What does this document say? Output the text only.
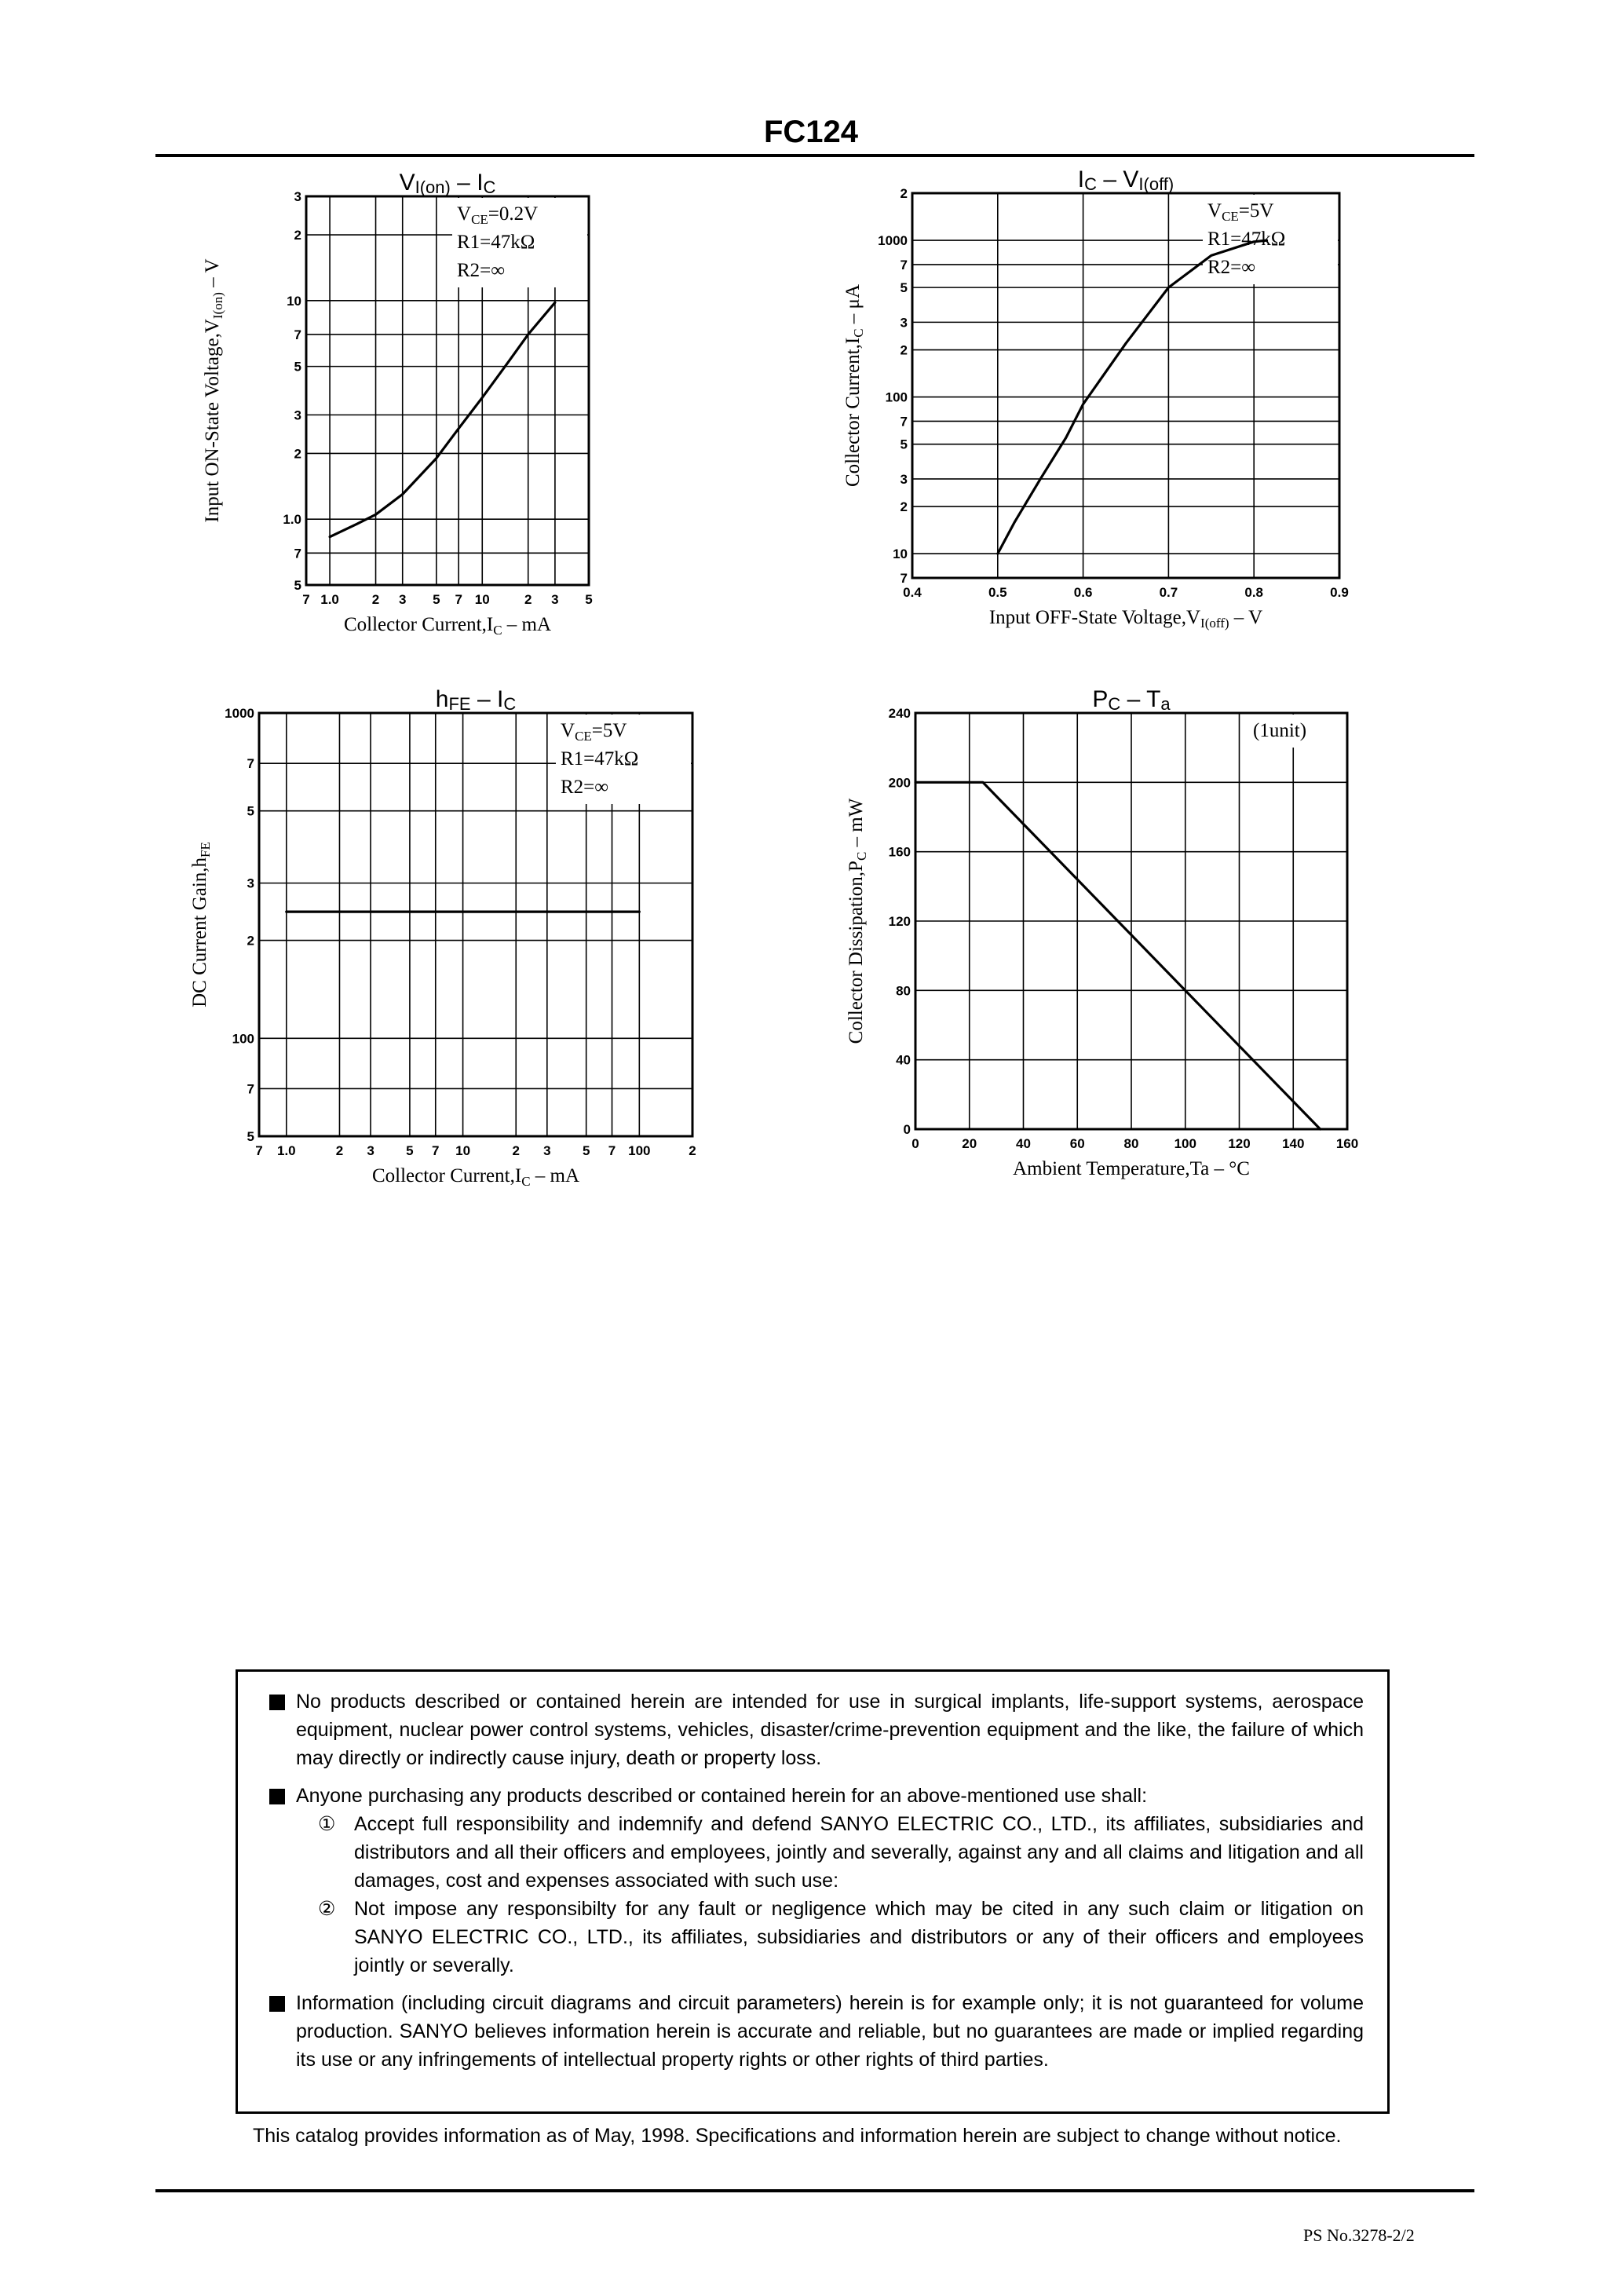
FC124
7 1.0 2 3 5 7 10	2 3 5
5
7
1.0
2
3
5
7
10
2
3
$V_{CE}=0.2V$
R1=47kΩ
R2=∞
VI(on) – IC
Collector $Current,I_C$ – mA
Input ON-State $Voltage,V_{I(on)}$ – V
0.4	0.5	0.6	0.7	0.8	0.9
7
10
2
3
5
7
100
2
3
5
7
1000
2
$V_{CE}=5V$
R1=47kΩ
R2=∞
IC – VI(off)
Input OFF-State $Voltage,V_{I(off)}$ – V
Collector $Current,I_C$ – μA
7 1.0	2 3 5 7 10	2 3 5 7 100	2
5
7
100
2
3
5
7
1000
$V_{CE}=5V$
R1=47kΩ
R2=∞
hFE – IC
Collector $Current,I_C$ – mA
DC Current $Gain,h_{FE}$
0	20	40	60	80	100 120 140 160
0
40
80
120
160
200
240
(1unit)
PC – Ta
Ambient Temperature,Ta – °C
Collector $Dissipation,P_C$ – mW
No products described or contained herein are intended for use in surgical implants, life-support systems, aerospace equipment, nuclear power control systems, vehicles, disaster/crime-prevention equipment and the like, the failure of which may directly or indirectly cause injury, death or property loss.
Anyone purchasing any products described or contained herein for an above-mentioned use shall:
① Accept full responsibility and indemnify and defend SANYO ELECTRIC CO., LTD., its affiliates, subsidiaries and distributors and all their officers and employees, jointly and severally, against any and all claims and litigation and all damages, cost and expenses associated with such use:
② Not impose any responsibilty for any fault or negligence which may be cited in any such claim or litigation on SANYO ELECTRIC CO., LTD., its affiliates, subsidiaries and distributors or any of their officers and employees jointly or severally.
Information (including circuit diagrams and circuit parameters) herein is for example only; it is not guaranteed for volume production. SANYO believes information herein is accurate and reliable, but no guarantees are made or implied regarding its use or any infringements of intellectual property rights or other rights of third parties.
This catalog provides information as of May, 1998. Specifications and information herein are subject to change without notice.
PS No.3278-2/2
